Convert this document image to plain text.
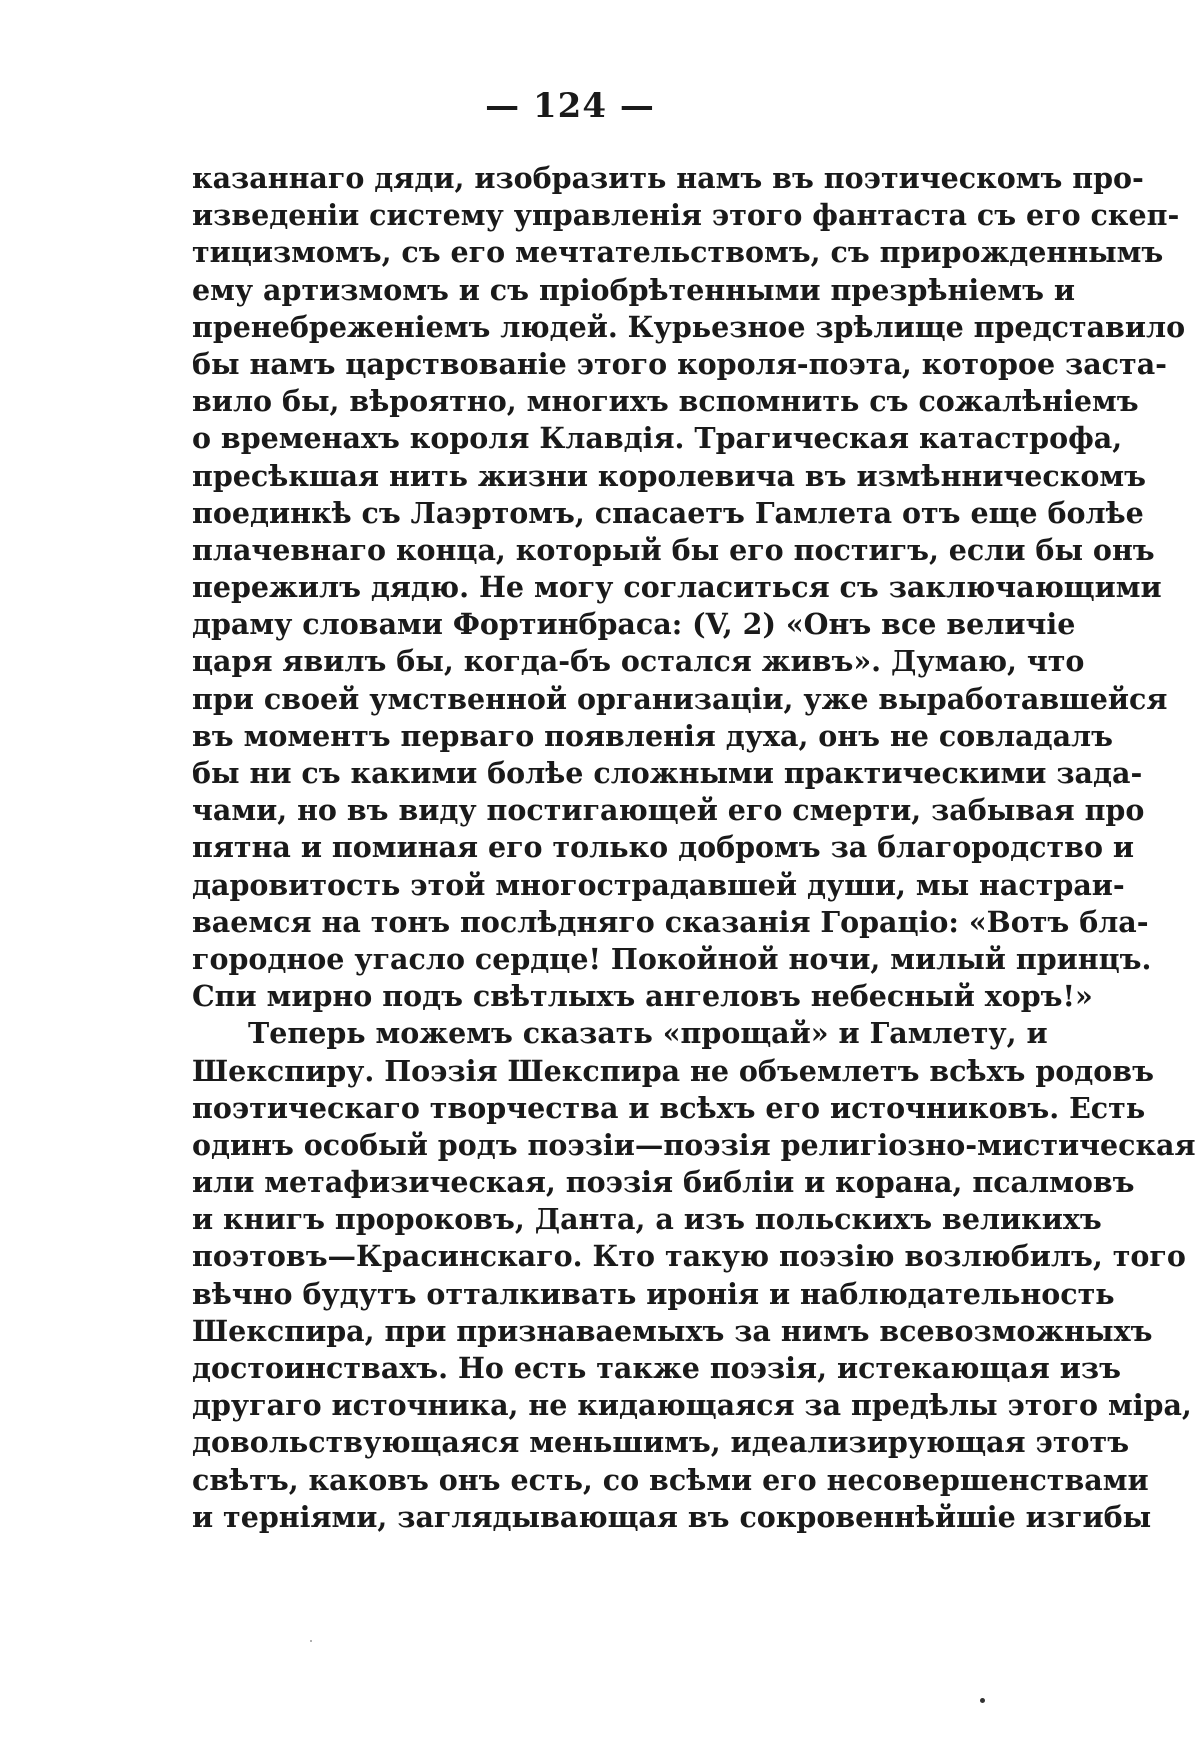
— 124 —
казаннаго дяди, изобразить намъ въ поэтическомъ про-
изведенiи систему управленiя этого фантаста съ его скеп-
тицизмомъ, съ его мечтательствомъ, съ прирожденнымъ
ему артизмомъ и съ прiобрѣтенными презрѣнiемъ и
пренебреженiемъ людей. Курьезное зрѣлище представило
бы намъ царствованiе этого короля-поэта, которое заста-
вило бы, вѣроятно, многихъ вспомнить съ сожалѣнiемъ
о временахъ короля Клавдiя. Трагическая катастрофа,
пресѣкшая нить жизни королевича въ измѣнническомъ
поединкѣ съ Лаэртомъ, спасаетъ Гамлета отъ еще болѣе
плачевнаго конца, который бы его постигъ, если бы онъ
пережилъ дядю. Не могу согласиться съ заключающими
драму словами Фортинбраса: (V, 2) «Онъ все величiе
царя явилъ бы, когда-бъ остался живъ». Думаю, что
при своей умственной организацiи, уже выработавшейся
въ моментъ перваго появленiя духа, онъ не совладалъ
бы ни съ какими болѣе сложными практическими зада-
чами, но въ виду постигающей его смерти, забывая про
пятна и поминая его только добромъ за благородство и
даровитость этой многострадавшей души, мы настраи-
ваемся на тонъ послѣдняго сказанiя Горацiо: «Вотъ бла-
городное угасло сердце! Покойной ночи, милый принцъ.
Спи мирно подъ свѣтлыхъ ангеловъ небесный хоръ!»
Теперь можемъ сказать «прощай» и Гамлету, и
Шекспиру. Поэзiя Шекспира не объемлетъ всѣхъ родовъ
поэтическаго творчества и всѣхъ его источниковъ. Есть
одинъ особый родъ поэзiи—поэзiя религiозно-мистическая
или метафизическая, поэзiя библiи и корана, псалмовъ
и книгъ пророковъ, Данта, а изъ польскихъ великихъ
поэтовъ—Красинскаго. Кто такую поэзiю возлюбилъ, того
вѣчно будутъ отталкивать иронiя и наблюдательность
Шекспира, при признаваемыхъ за нимъ всевозможныхъ
достоинствахъ. Но есть также поэзiя, истекающая изъ
другаго источника, не кидающаяся за предѣлы этого мiра,
довольствующаяся меньшимъ, идеализирующая этотъ
свѣтъ, каковъ онъ есть, со всѣми его несовершенствами
и тернiями, заглядывающая въ сокровеннѣйшiе изгибы
